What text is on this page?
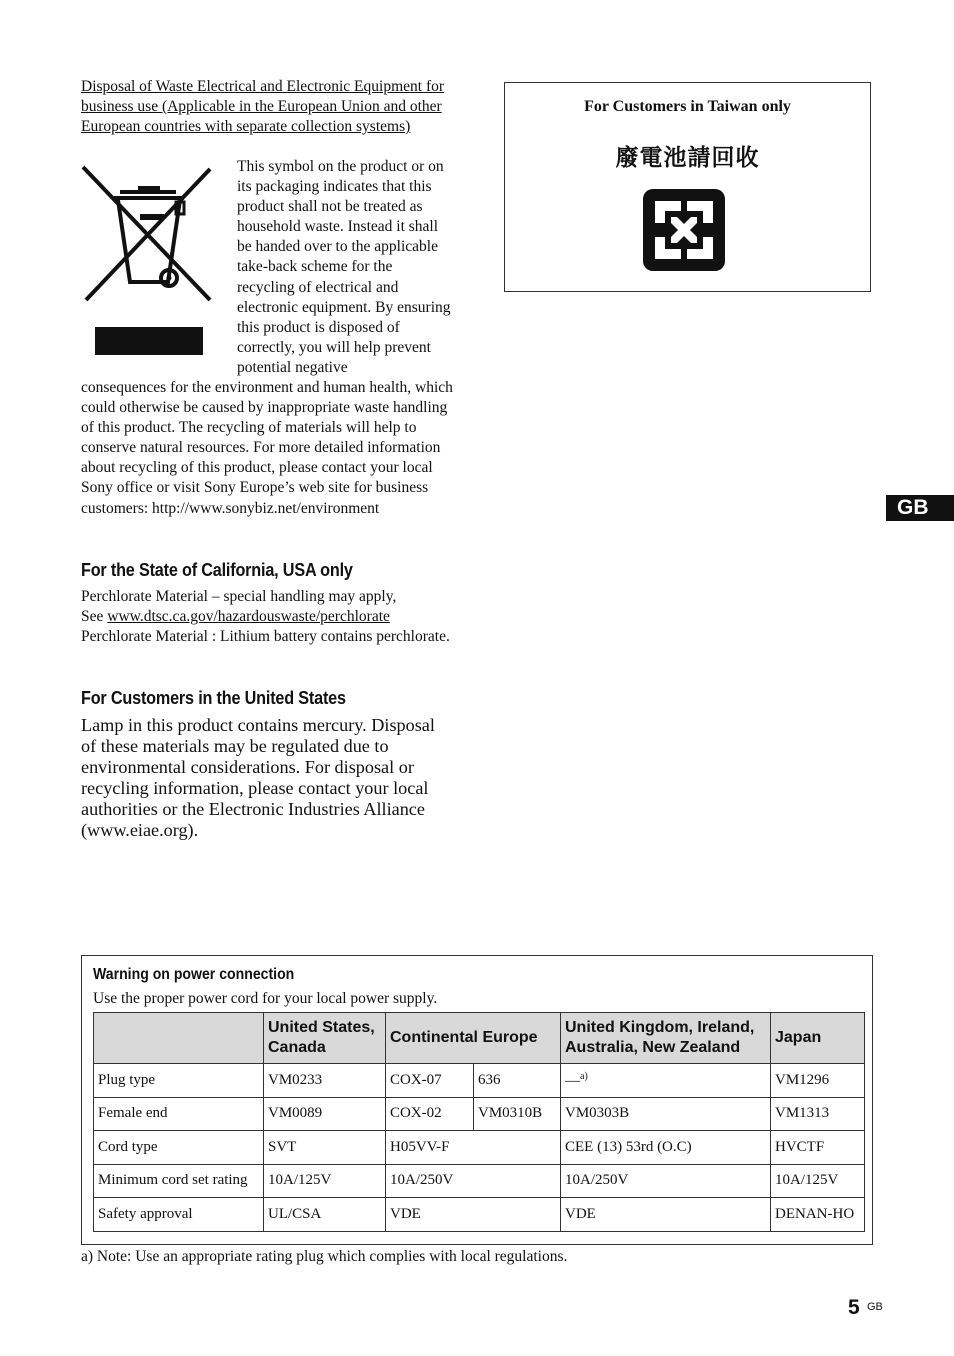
Disposal of Waste Electrical and Electronic Equipment for business use (Applicable in the European Union and other European countries with separate collection systems)
This symbol on the product or on its packaging indicates that this product shall not be treated as household waste. Instead it shall be handed over to the applicable take-back scheme for the recycling of electrical and electronic equipment. By ensuring this product is disposed of correctly, you will help prevent potential negative
consequences for the environment and human health, which could otherwise be caused by inappropriate waste handling of this product. The recycling of materials will help to conserve natural resources. For more detailed information about recycling of this product, please contact your local Sony office or visit Sony Europe’s web site for business customers: http://www.sonybiz.net/environment
For the State of California, USA only
Perchlorate Material – special handling may apply,
See www.dtsc.ca.gov/hazardouswaste/perchlorate
Perchlorate Material : Lithium battery contains perchlorate.
For Customers in the United States
Lamp in this product contains mercury. Disposal of these materials may be regulated due to environmental considerations. For disposal or recycling information, please contact your local authorities or the Electronic Industries Alliance (www.eiae.org).
For Customers in Taiwan only
廢電池請回收
GB
Warning on power connection
Use the proper power cord for your local power supply.
	United States, Canada	Continental Europe		United Kingdom, Ireland, Australia, New Zealand	Japan
Plug type	VM0233	COX-07	636	—$^{a)}$	VM1296
Female end	VM0089	COX-02	VM0310B	VM0303B	VM1313
Cord type	SVT	H05VV-F		CEE (13) 53rd (O.C)	HVCTF
Minimum cord set rating	10A/125V	10A/250V		10A/250V	10A/125V
Safety approval	UL/CSA	VDE		VDE	DENAN-HO
a) Note: Use an appropriate rating plug which complies with local regulations.
5 GB
